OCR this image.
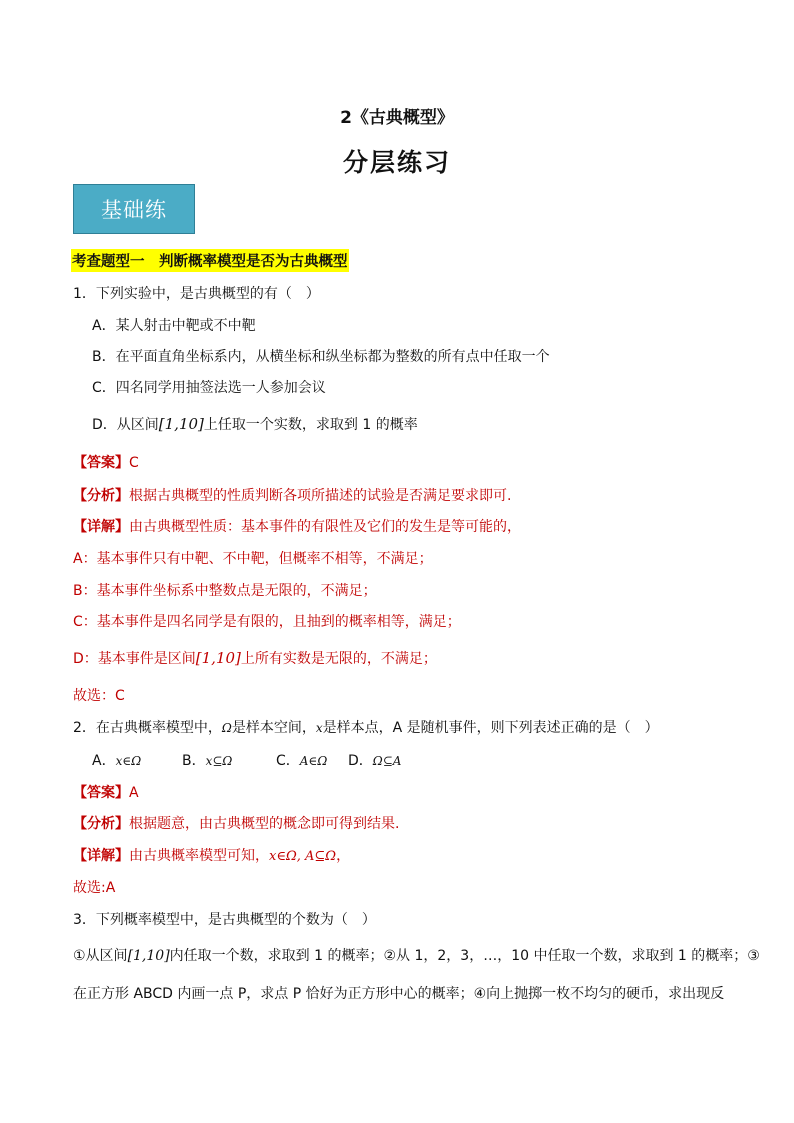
2《古典概型》
分层练习
基础练
考查题型一　判断概率模型是否为古典概型
1．下列实验中，是古典概型的有（　）
A．某人射击中靶或不中靶
B．在平面直角坐标系内，从横坐标和纵坐标都为整数的所有点中任取一个
C．四名同学用抽签法选一人参加会议
D．从区间[1,10]上任取一个实数，求取到 1 的概率
【答案】C
【分析】根据古典概型的性质判断各项所描述的试验是否满足要求即可.
【详解】由古典概型性质：基本事件的有限性及它们的发生是等可能的，
A：基本事件只有中靶、不中靶，但概率不相等，不满足；
B：基本事件坐标系中整数点是无限的，不满足；
C：基本事件是四名同学是有限的，且抽到的概率相等，满足；
D：基本事件是区间[1,10]上所有实数是无限的，不满足；
故选：C
2．在古典概率模型中，Ω是样本空间，x是样本点，A 是随机事件，则下列表述正确的是（　）
A．x∈Ω	B．x⊆Ω	C．A∈Ω D．Ω⊆A
【答案】A
【分析】根据题意，由古典概型的概念即可得到结果.
【详解】由古典概率模型可知，x∈Ω, A⊆Ω，
故选:A
3．下列概率模型中，是古典概型的个数为（　）
①从区间[1,10]内任取一个数，求取到 1 的概率；②从 1，2，3，…，10 中任取一个数，求取到 1 的概率；③
在正方形 ABCD 内画一点 P，求点 P 恰好为正方形中心的概率；④向上抛掷一枚不均匀的硬币，求出现反
